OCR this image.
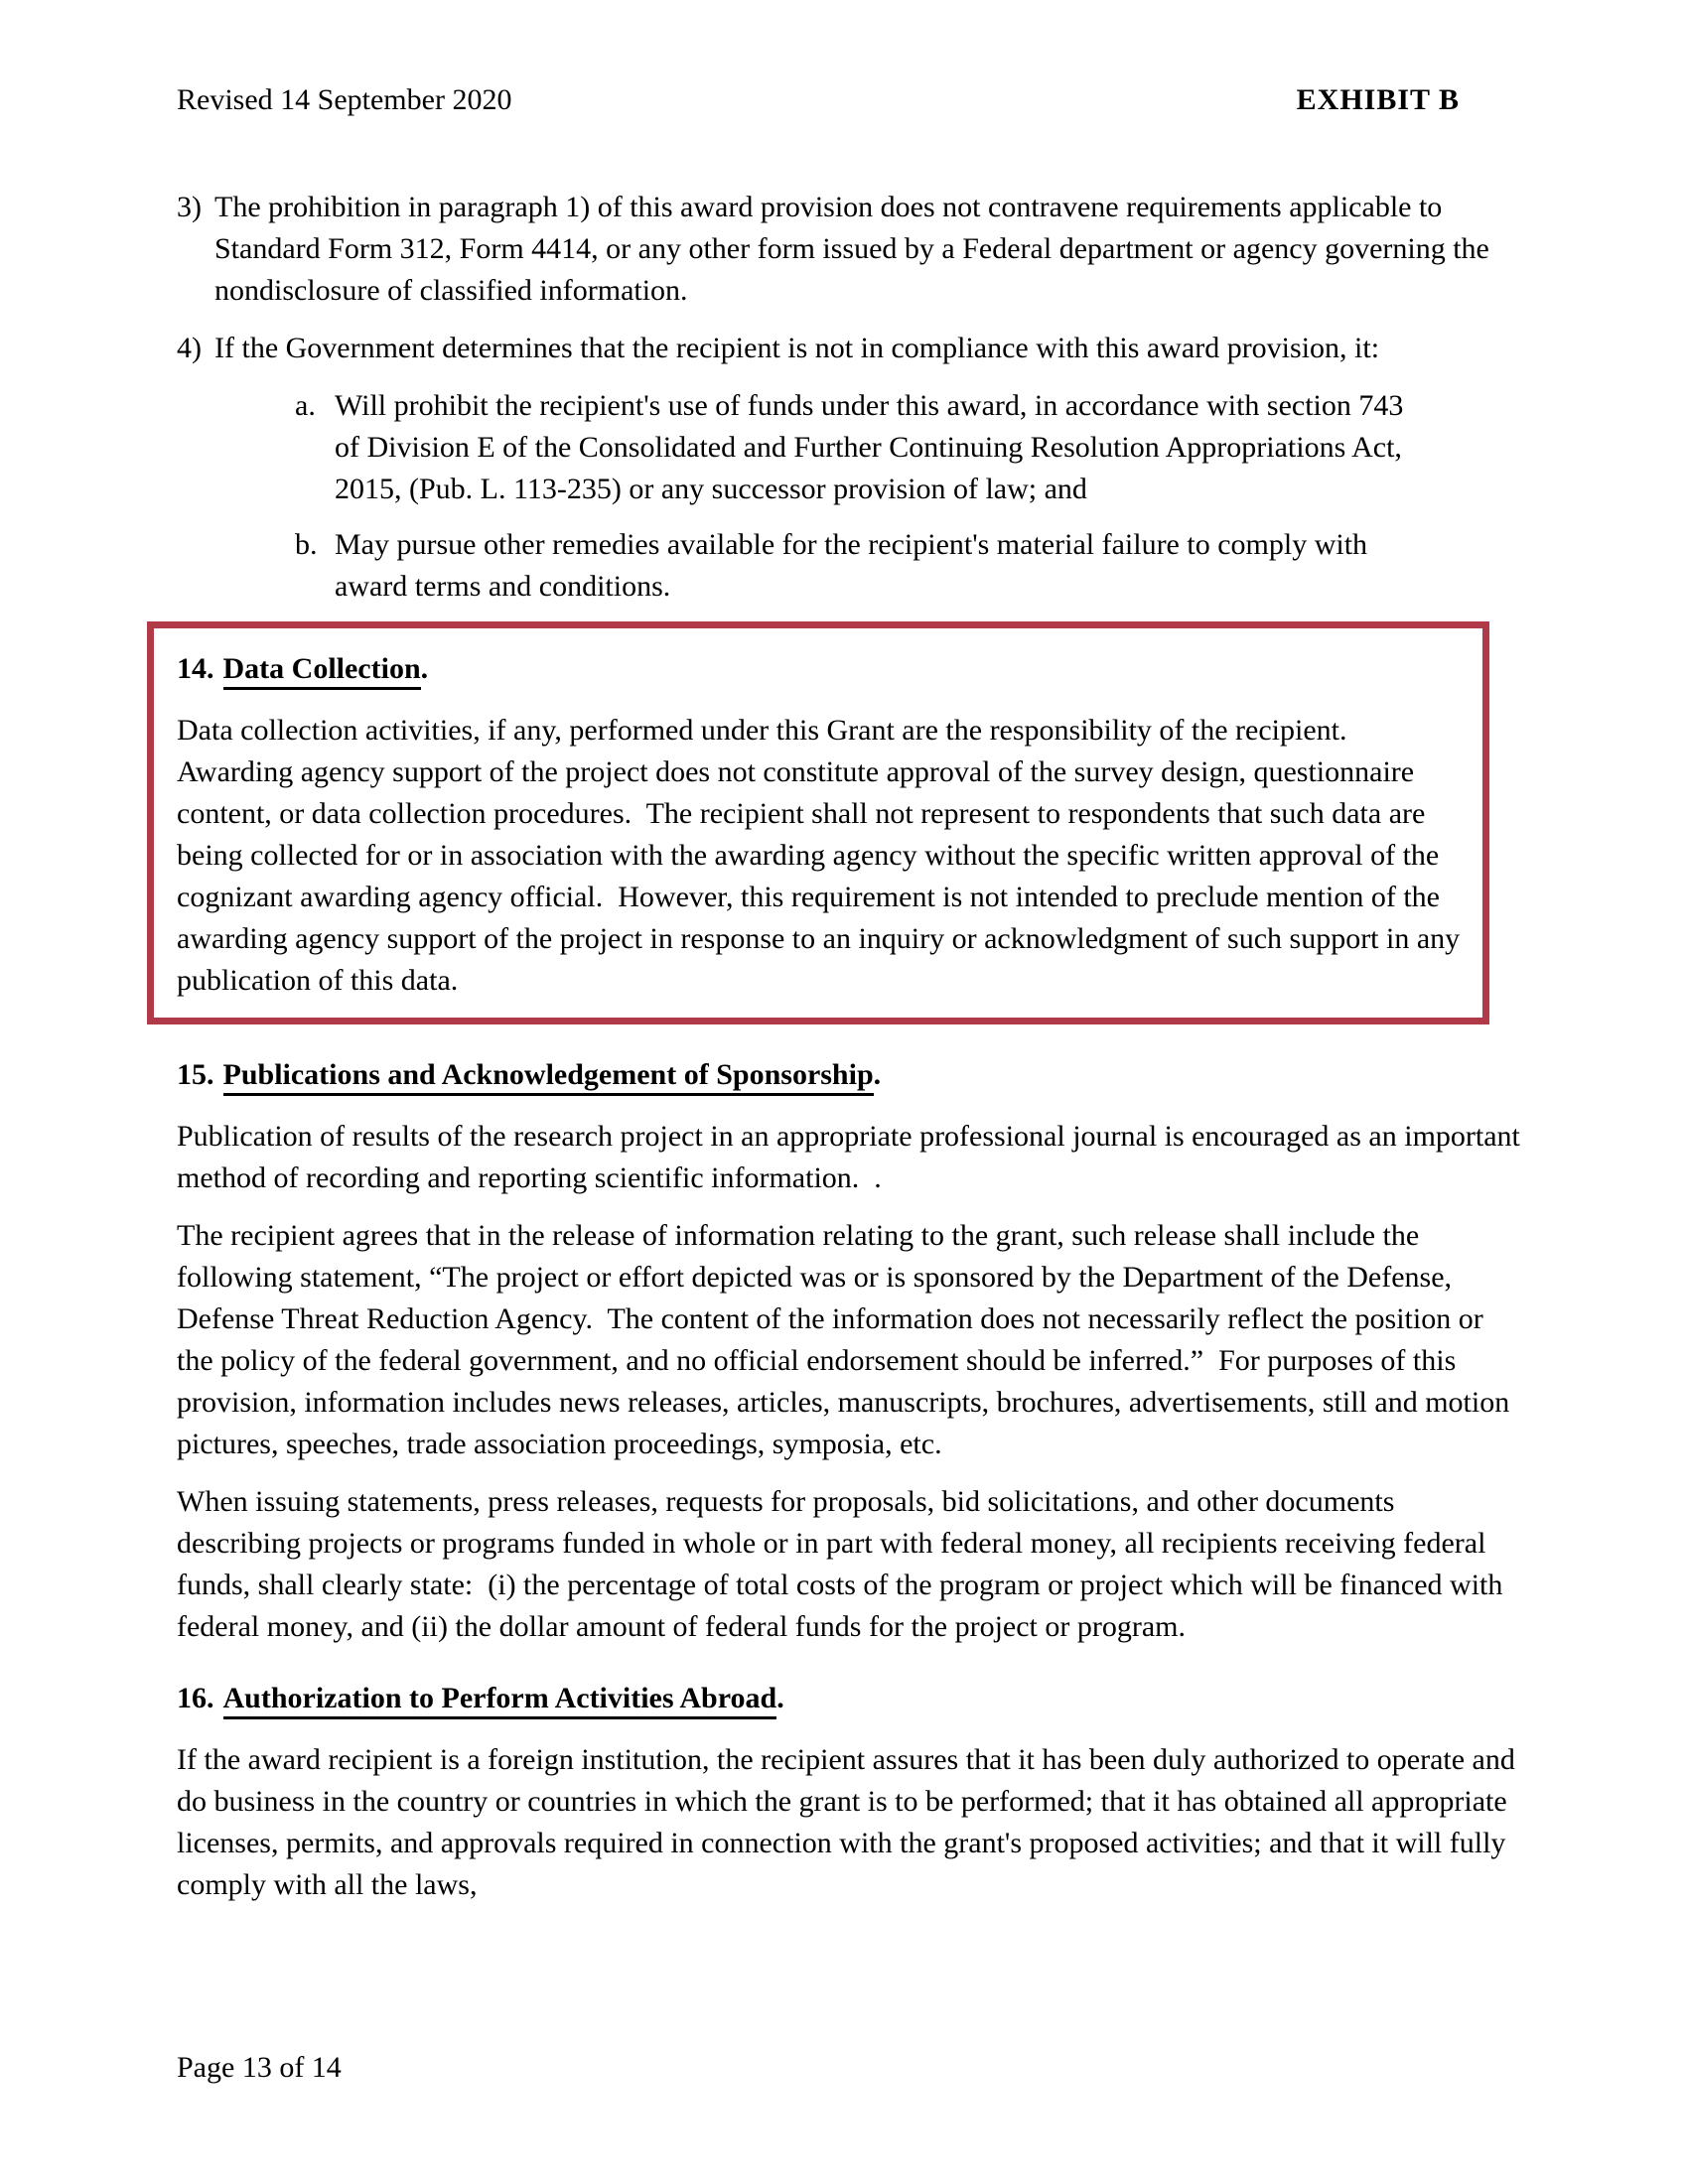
Revised 14 September 2020	EXHIBIT B
3) The prohibition in paragraph 1) of this award provision does not contravene requirements applicable to Standard Form 312, Form 4414, or any other form issued by a Federal department or agency governing the nondisclosure of classified information.
4) If the Government determines that the recipient is not in compliance with this award provision, it:
a. Will prohibit the recipient's use of funds under this award, in accordance with section 743 of Division E of the Consolidated and Further Continuing Resolution Appropriations Act, 2015, (Pub. L. 113-235) or any successor provision of law; and
b. May pursue other remedies available for the recipient's material failure to comply with award terms and conditions.
14. Data Collection.

Data collection activities, if any, performed under this Grant are the responsibility of the recipient.  Awarding agency support of the project does not constitute approval of the survey design, questionnaire content, or data collection procedures.  The recipient shall not represent to respondents that such data are being collected for or in association with the awarding agency without the specific written approval of the cognizant awarding agency official.  However, this requirement is not intended to preclude mention of the awarding agency support of the project in response to an inquiry or acknowledgment of such support in any publication of this data.

15. Publications and Acknowledgement of Sponsorship.

Publication of results of the research project in an appropriate professional journal is encouraged as an important method of recording and reporting scientific information.  .

The recipient agrees that in the release of information relating to the grant, such release shall include the following statement, “The project or effort depicted was or is sponsored by the Department of the Defense, Defense Threat Reduction Agency.  The content of the information does not necessarily reflect the position or the policy of the federal government, and no official endorsement should be inferred.”  For purposes of this provision, information includes news releases, articles, manuscripts, brochures, advertisements, still and motion pictures, speeches, trade association proceedings, symposia, etc.

When issuing statements, press releases, requests for proposals, bid solicitations, and other documents describing projects or programs funded in whole or in part with federal money, all recipients receiving federal funds, shall clearly state:  (i) the percentage of total costs of the program or project which will be financed with federal money, and (ii) the dollar amount of federal funds for the project or program.

16. Authorization to Perform Activities Abroad.

If the award recipient is a foreign institution, the recipient assures that it has been duly authorized to operate and do business in the country or countries in which the grant is to be performed; that it has obtained all appropriate licenses, permits, and approvals required in connection with the grant's proposed activities; and that it will fully comply with all the laws,

Page 13 of 14
